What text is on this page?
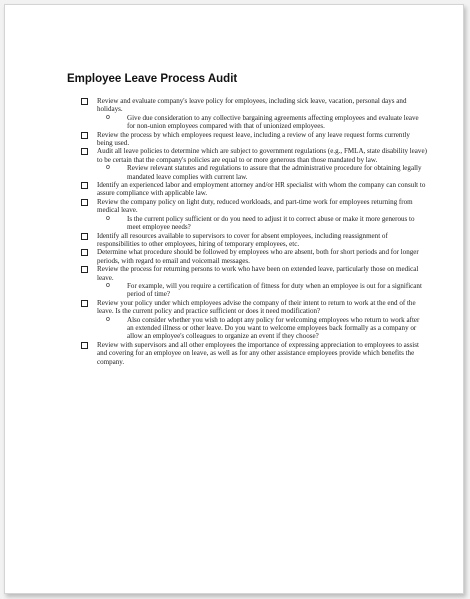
Employee Leave Process Audit
Review and evaluate company's leave policy for employees, including sick leave, vacation, personal days and holidays.
o Give due consideration to any collective bargaining agreements affecting employees and evaluate leave for non-union employees compared with that of unionized employees.
Review the process by which employees request leave, including a review of any leave request forms currently being used.
Audit all leave policies to determine which are subject to government regulations (e.g., FMLA, state disability leave) to be certain that the company's policies are equal to or more generous than those mandated by law.
o Review relevant statutes and regulations to assure that the administrative procedure for obtaining legally mandated leave complies with current law.
Identify an experienced labor and employment attorney and/or HR specialist with whom the company can consult to assure compliance with applicable law.
Review the company policy on light duty, reduced workloads, and part-time work for employees returning from medical leave.
o Is the current policy sufficient or do you need to adjust it to correct abuse or make it more generous to meet employee needs?
Identify all resources available to supervisors to cover for absent employees, including reassignment of responsibilities to other employees, hiring of temporary employees, etc.
Determine what procedure should be followed by employees who are absent, both for short periods and for longer periods, with regard to email and voicemail messages.
Review the process for returning persons to work who have been on extended leave, particularly those on medical leave.
o For example, will you require a certification of fitness for duty when an employee is out for a significant period of time?
Review your policy under which employees advise the company of their intent to return to work at the end of the leave. Is the current policy and practice sufficient or does it need modification?
o Also consider whether you wish to adopt any policy for welcoming employees who return to work after an extended illness or other leave. Do you want to welcome employees back formally as a company or allow an employee's colleagues to organize an event if they choose?
Review with supervisors and all other employees the importance of expressing appreciation to employees to assist and covering for an employee on leave, as well as for any other assistance employees provide which benefits the company.
